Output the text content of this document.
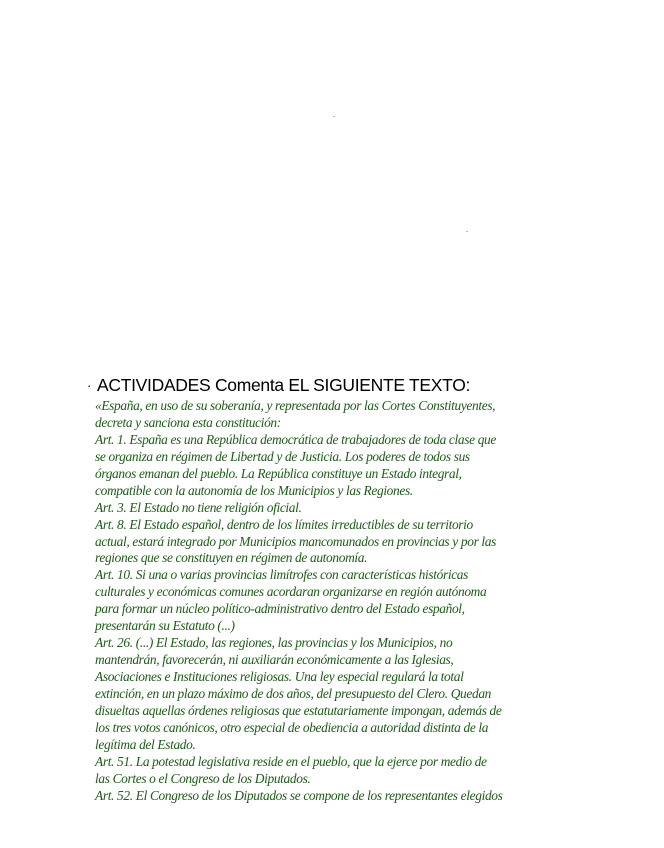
· ACTIVIDADES Comenta EL SIGUIENTE TEXTO:
«España, en uso de su soberanía, y representada por las Cortes Constituyentes,
decreta y sanciona esta constitución:
Art. 1. España es una República democrática de trabajadores de toda clase que
se organiza en régimen de Libertad y de Justicia. Los poderes de todos sus
órganos emanan del pueblo. La República constituye un Estado integral,
compatible con la autonomía de los Municipios y las Regiones.
Art. 3. El Estado no tiene religión oficial.
Art. 8. El Estado español, dentro de los límites irreductibles de su territorio
actual, estará integrado por Municipios mancomunados en provincias y por las
regiones que se constituyen en régimen de autonomía.
Art. 10. Si una o varias provincias limítrofes con características históricas
culturales y económicas comunes acordaran organizarse en región autónoma
para formar un núcleo político-administrativo dentro del Estado español,
presentarán su Estatuto (...)
Art. 26. (...) El Estado, las regiones, las provincias y los Municipios, no
mantendrán, favorecerán, ni auxiliarán económicamente a las Iglesias,
Asociaciones e Instituciones religiosas. Una ley especial regulará la total
extinción, en un plazo máximo de dos años, del presupuesto del Clero. Quedan
disueltas aquellas órdenes religiosas que estatutariamente impongan, además de
los tres votos canónicos, otro especial de obediencia a autoridad distinta de la
legítima del Estado.
Art. 51. La potestad legislativa reside en el pueblo, que la ejerce por medio de
las Cortes o el Congreso de los Diputados.
Art. 52. El Congreso de los Diputados se compone de los representantes elegidos
